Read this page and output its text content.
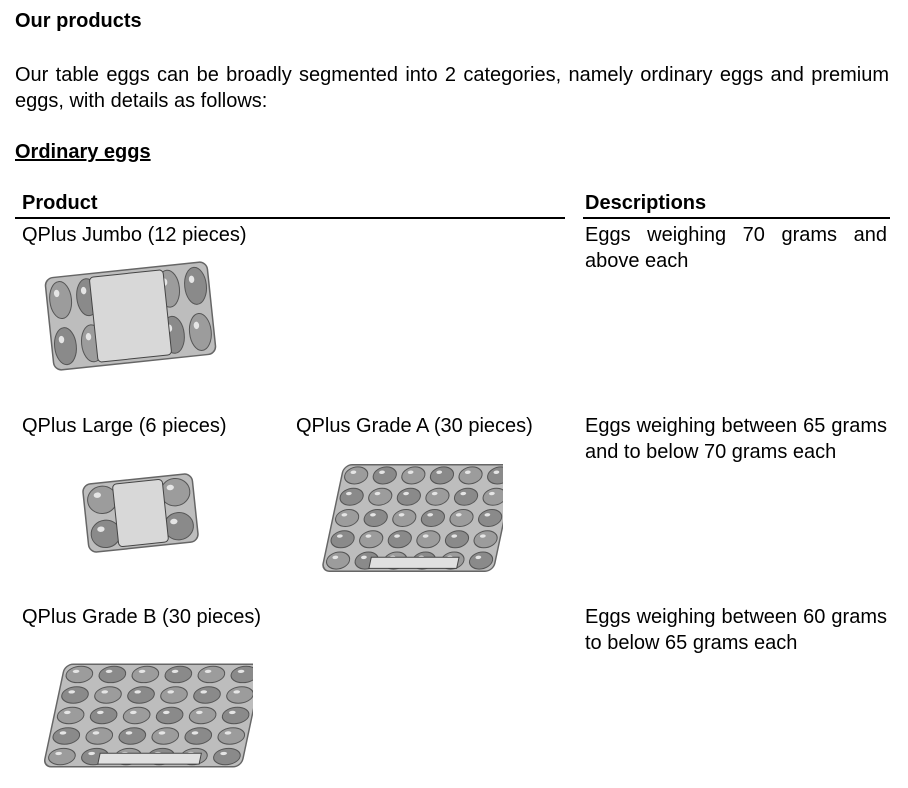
Our products

Our table eggs can be broadly segmented into 2 categories, namely ordinary eggs and premium eggs, with details as follows:

Ordinary eggs

Product	Descriptions
QPlus Jumbo (12 pieces)	Eggs weighing 70 grams and above each
QPlus Large (6 pieces)	QPlus Grade A (30 pieces)	Eggs weighing between 65 grams and to below 70 grams each
QPlus Grade B (30 pieces)	Eggs weighing between 60 grams to below 65 grams each
